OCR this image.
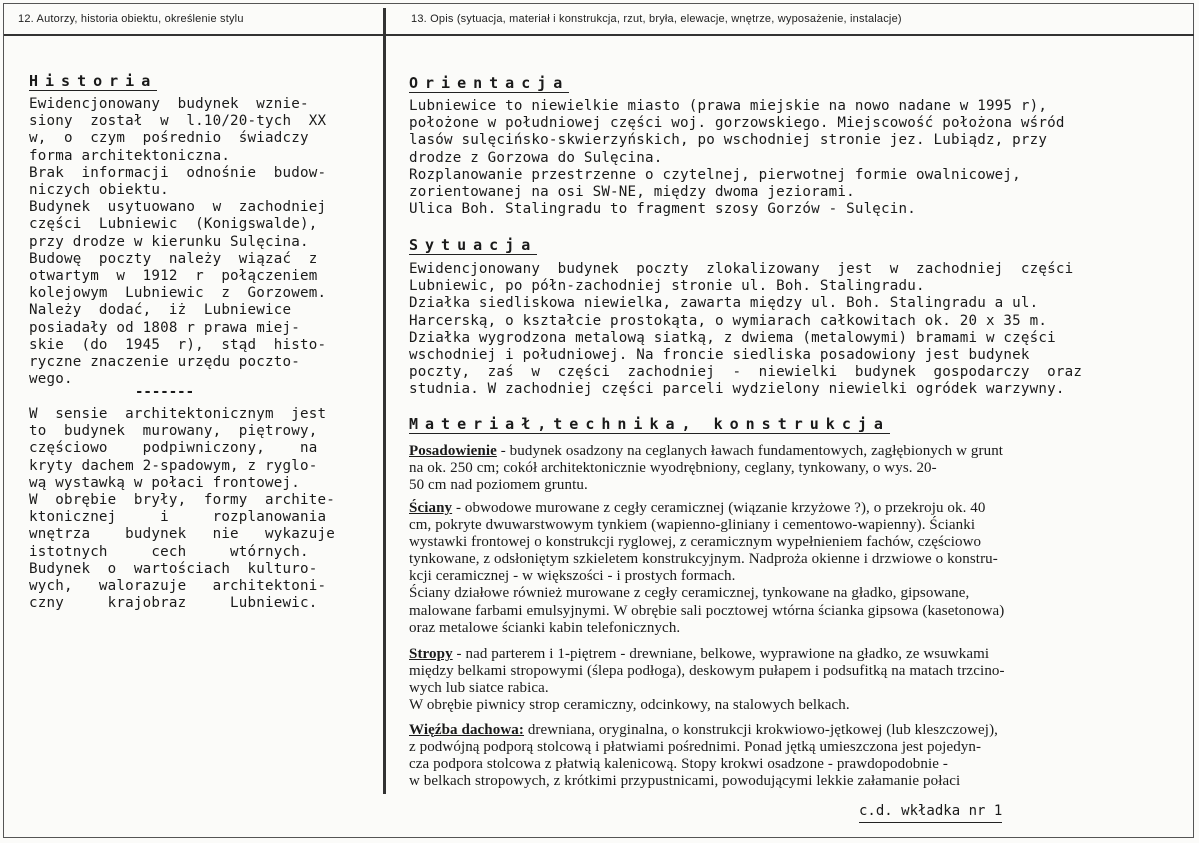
12. Autorzy, historia obiektu, określenie stylu	13. Opis (sytuacja, materiał i konstrukcja, rzut, bryła, elewacje, wnętrze, wyposażenie, instalacje)
Historia

Ewidencjonowany  budynek  wznie-

siony  został  w  l.10/20-tych  XX

w,  o  czym  pośrednio  świadczy

forma architektoniczna.

Brak  informacji  odnośnie  budow-

niczych obiektu.

Budynek  usytuowano  w  zachodniej

części  Lubniewic  (Konigswalde),

przy drodze w kierunku Sulęcina.

Budowę  poczty  należy  wiązać  z

otwartym  w  1912  r  połączeniem

kolejowym  Lubniewic  z  Gorzowem.

Należy  dodać,  iż  Lubniewice

posiadały od 1808 r prawa miej-

skie  (do  1945  r),  stąd  histo-

ryczne znaczenie urzędu poczto-

wego.

-------

W  sensie  architektonicznym  jest

to  budynek  murowany,  piętrowy,

częściowo    podpiwniczony,    na

kryty dachem 2-spadowym, z ryglo-

wą wystawką w połaci frontowej.

W  obrębie  bryły,  formy  archite-

ktonicznej     i     rozplanowania

wnętrza    budynek   nie   wykazuje

istotnych     cech     wtórnych.

Budynek  o  wartościach  kulturo-

wych,   walorazuje   architektoni-

czny     krajobraz     Lubniewic.

Orientacja

Lubniewice to niewielkie miasto (prawa miejskie na nowo nadane w 1995 r),

położone w południowej części woj. gorzowskiego. Miejscowość położona wśród

lasów sulęcińsko-skwierzyńskich, po wschodniej stronie jez. Lubiądz, przy

drodze z Gorzowa do Sulęcina.

Rozplanowanie przestrzenne o czytelnej, pierwotnej formie owalnicowej,

zorientowanej na osi SW-NE, między dwoma jeziorami.

Ulica Boh. Stalingradu to fragment szosy Gorzów - Sulęcin.

Sytuacja

Ewidencjonowany  budynek  poczty  zlokalizowany  jest  w  zachodniej  części

Lubniewic, po półn-zachodniej stronie ul. Boh. Stalingradu.

Działka siedliskowa niewielka, zawarta między ul. Boh. Stalingradu a ul.

Harcerską, o kształcie prostokąta, o wymiarach całkowitach ok. 20 x 35 m.

Działka wygrodzona metalową siatką, z dwiema (metalowymi) bramami w części

wschodniej i południowej. Na froncie siedliska posadowiony jest budynek

poczty,  zaś  w  części  zachodniej  -  niewielki  budynek  gospodarczy  oraz

studnia. W zachodniej części parceli wydzielony niewielki ogródek warzywny.

Materiał,technika, konstrukcja

Posadowienie - budynek osadzony na ceglanych ławach fundamentowych, zagłębionych w grunt

na ok. 250 cm; cokół architektonicznie wyodrębniony, ceglany, tynkowany, o wys. 20-

50 cm nad poziomem gruntu.

Ściany - obwodowe murowane z cegły ceramicznej (wiązanie krzyżowe ?), o przekroju ok. 40

cm, pokryte dwuwarstwowym tynkiem (wapienno-gliniany i cementowo-wapienny). Ścianki

wystawki frontowej o konstrukcji ryglowej, z ceramicznym wypełnieniem fachów, częściowo

tynkowane, z odsłoniętym szkieletem konstrukcyjnym. Nadproża okienne i drzwiowe o konstru-

kcji ceramicznej - w większości - i prostych formach.

Ściany działowe również murowane z cegły ceramicznej, tynkowane na gładko, gipsowane,

malowane farbami emulsyjnymi. W obrębie sali pocztowej wtórna ścianka gipsowa (kasetonowa)

oraz metalowe ścianki kabin telefonicznych.

Stropy - nad parterem i 1-piętrem - drewniane, belkowe, wyprawione na gładko, ze wsuwkami

między belkami stropowymi (ślepa podłoga), deskowym pułapem i podsufitką na matach trzcino-

wych lub siatce rabica.

W obrębie piwnicy strop ceramiczny, odcinkowy, na stalowych belkach.

Więźba dachowa: drewniana, oryginalna, o konstrukcji krokwiowo-jętkowej (lub kleszczowej),

z podwójną podporą stolcową i płatwiami pośrednimi. Ponad jętką umieszczona jest pojedyn-

cza podpora stolcowa z płatwią kalenicową. Stopy krokwi osadzone - prawdopodobnie -

w belkach stropowych, z krótkimi przypustnicami, powodującymi lekkie załamanie połaci

c.d. wkładka nr 1
